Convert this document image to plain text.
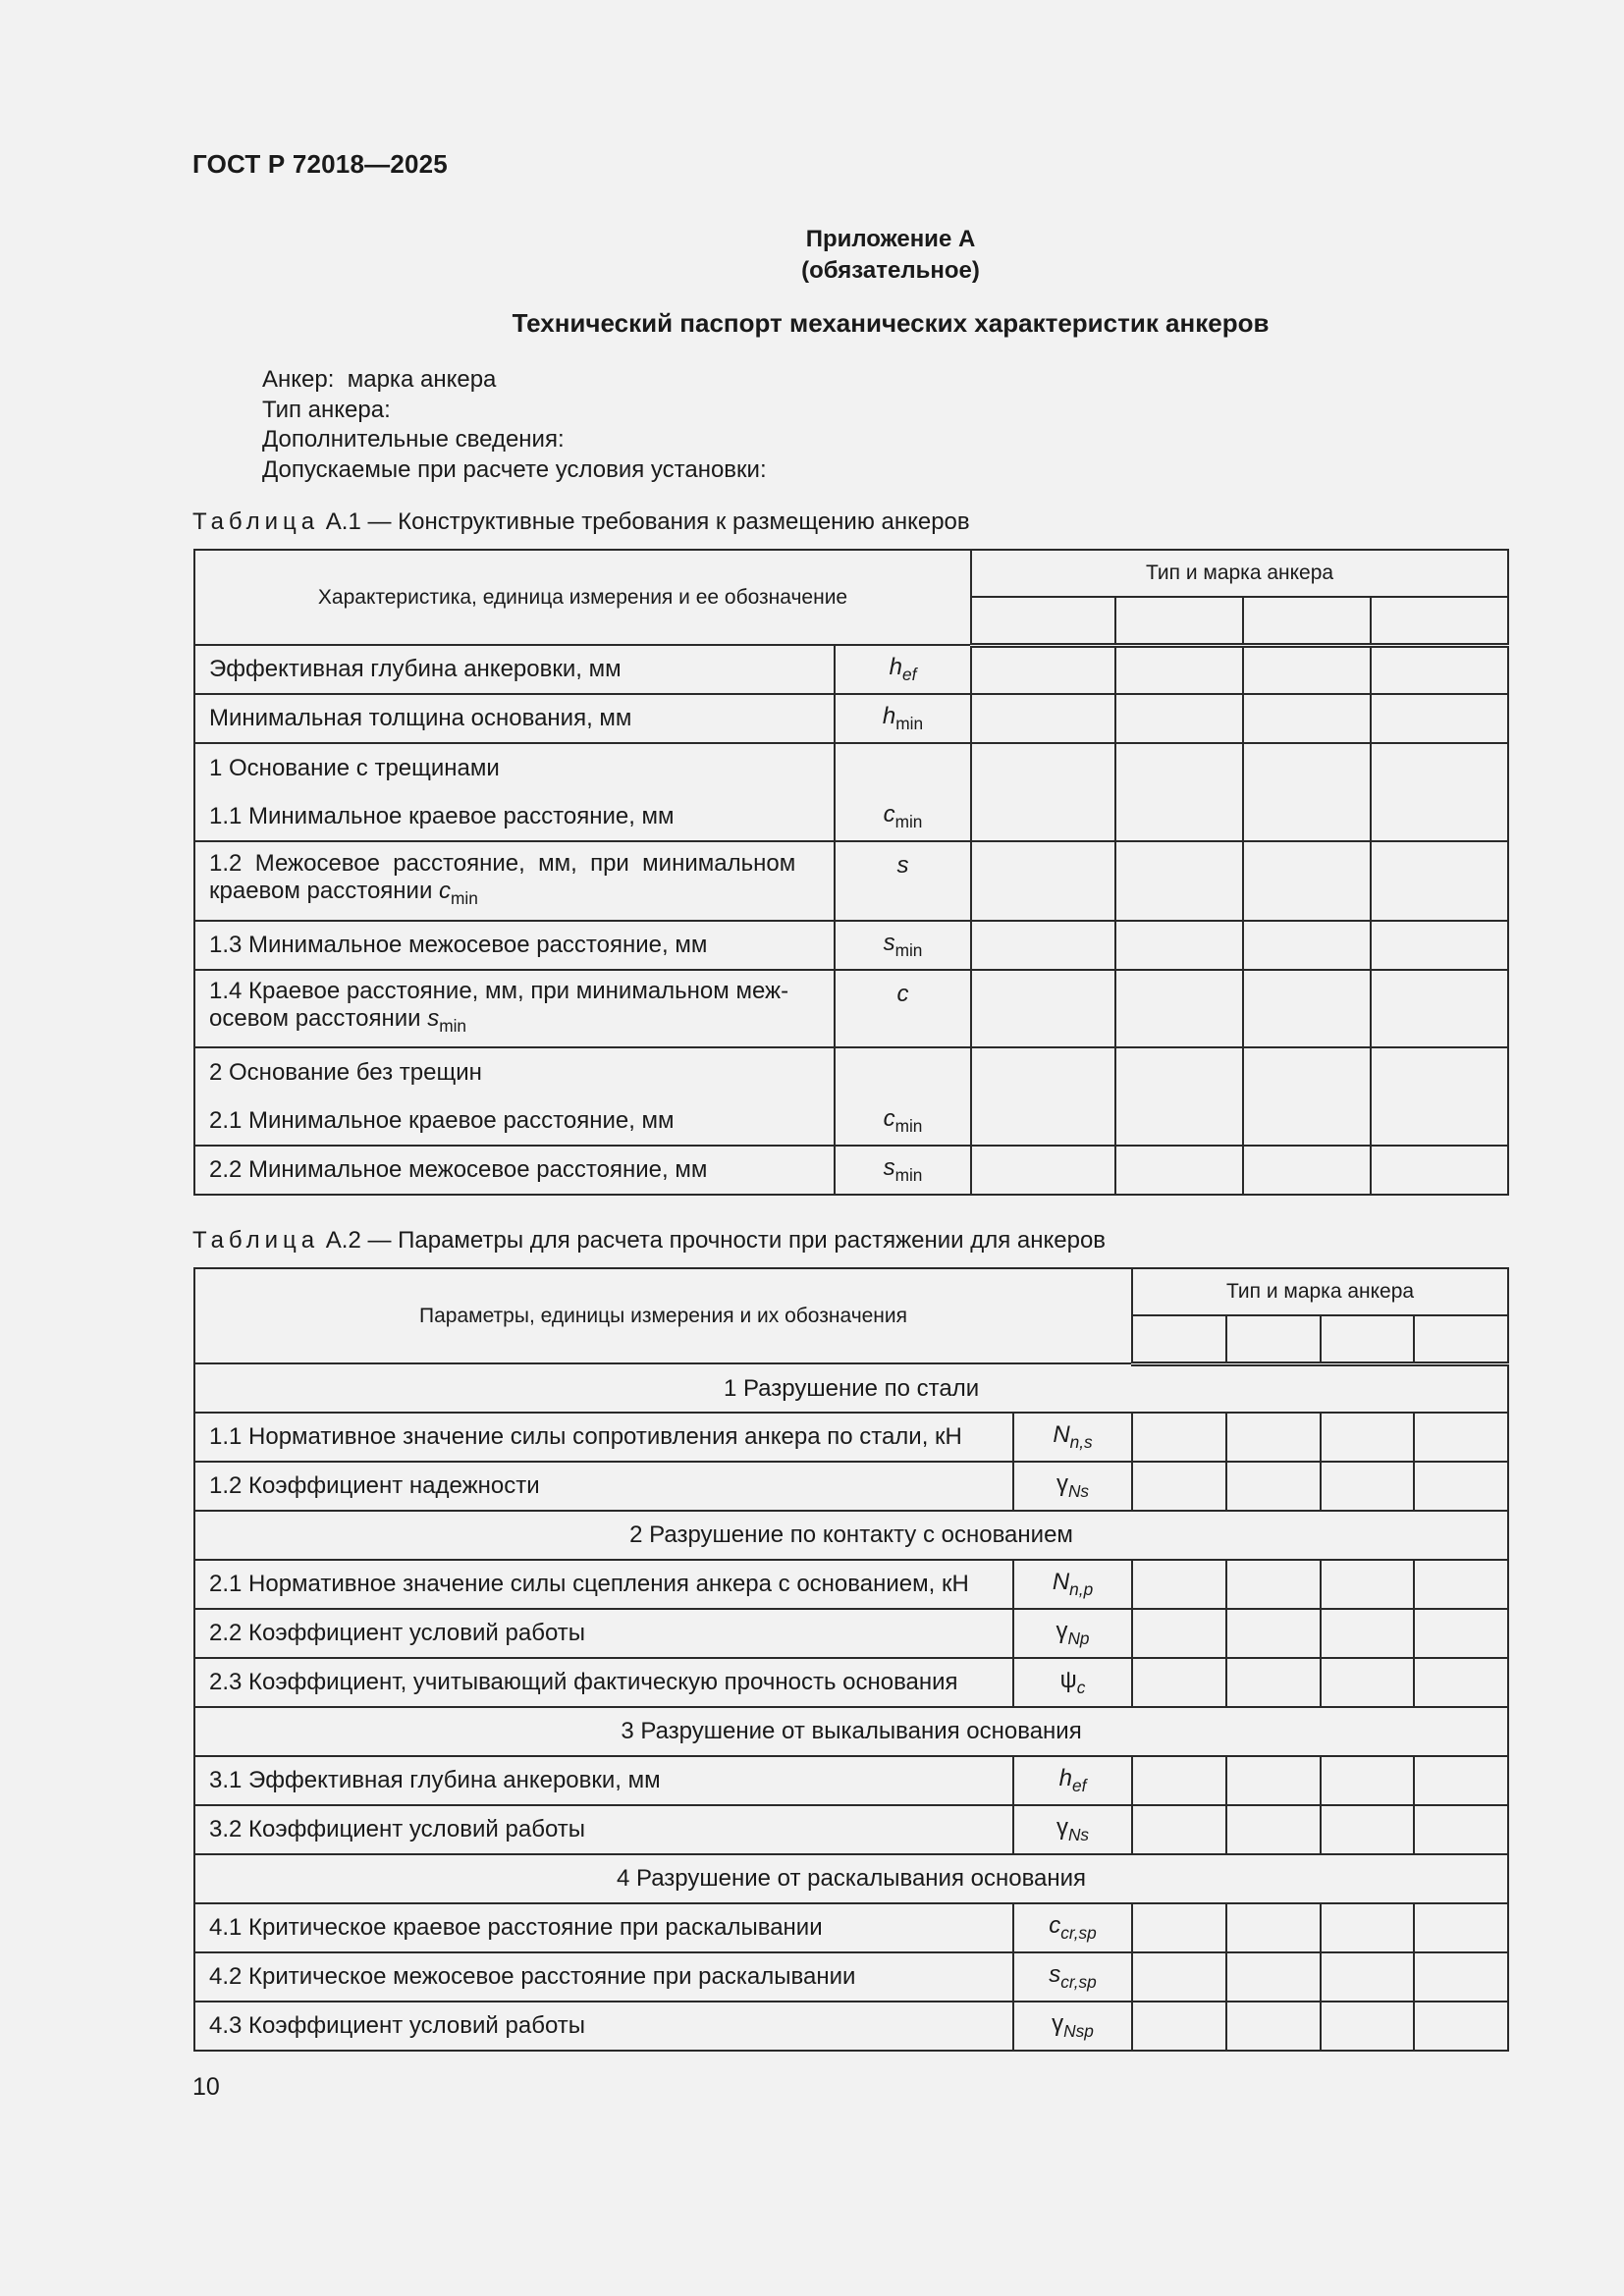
ГОСТ Р 72018—2025
Приложение А
(обязательное)
Технический паспорт механических характеристик анкеров
Анкер:  марка анкера
Тип анкера:
Дополнительные сведения:
Допускаемые при расчете условия установки:
Таблица А.1 — Конструктивные требования к размещению анкеров
Характеристика, единица измерения и ее обозначение		Тип и марка анкера			

Эффективная глубина анкеровки, мм	$h_{ef}$				
Минимальная толщина основания, мм	$h_{min}$				

1 Основание с трещинами
1.1 Минимальное краевое расстояние, мм	$c_{min}$				

1.2  Межосевое  расстояние,  мм,  при  минимальном
краевом расстоянии $c_{min}$	s				
1.3 Минимальное межосевое расстояние, мм	$s_{min}$				

1.4 Краевое расстояние, мм, при минимальном меж-
осевом расстоянии $s_{min}$	c				

2 Основание без трещин
2.1 Минимальное краевое расстояние, мм	$c_{min}$				
2.2 Минимальное межосевое расстояние, мм	$s_{min}$				
Таблица А.2 — Параметры для расчета прочности при растяжении для анкеров
Параметры, единицы измерения и их обозначения		Тип и марка анкера			

1 Разрушение по стали					
1.1 Нормативное значение силы сопротивления анкера по стали, кН	$N_{n,s}$				
1.2 Коэффициент надежности	$\gamma_{Ns}$				
2 Разрушение по контакту с основанием					
2.1 Нормативное значение силы сцепления анкера с основанием, кН	$N_{n,p}$				
2.2 Коэффициент условий работы	$\gamma_{Np}$				
2.3 Коэффициент, учитывающий фактическую прочность основания	$\psi_c$				
3 Разрушение от выкалывания основания					
3.1 Эффективная глубина анкеровки, мм	$h_{ef}$				
3.2 Коэффициент условий работы	$\gamma_{Ns}$				
4 Разрушение от раскалывания основания					
4.1 Критическое краевое расстояние при раскалывании	$c_{cr,sp}$				
4.2 Критическое межосевое расстояние при раскалывании	$s_{cr,sp}$				
4.3 Коэффициент условий работы	$\gamma_{Nsp}$				
10
